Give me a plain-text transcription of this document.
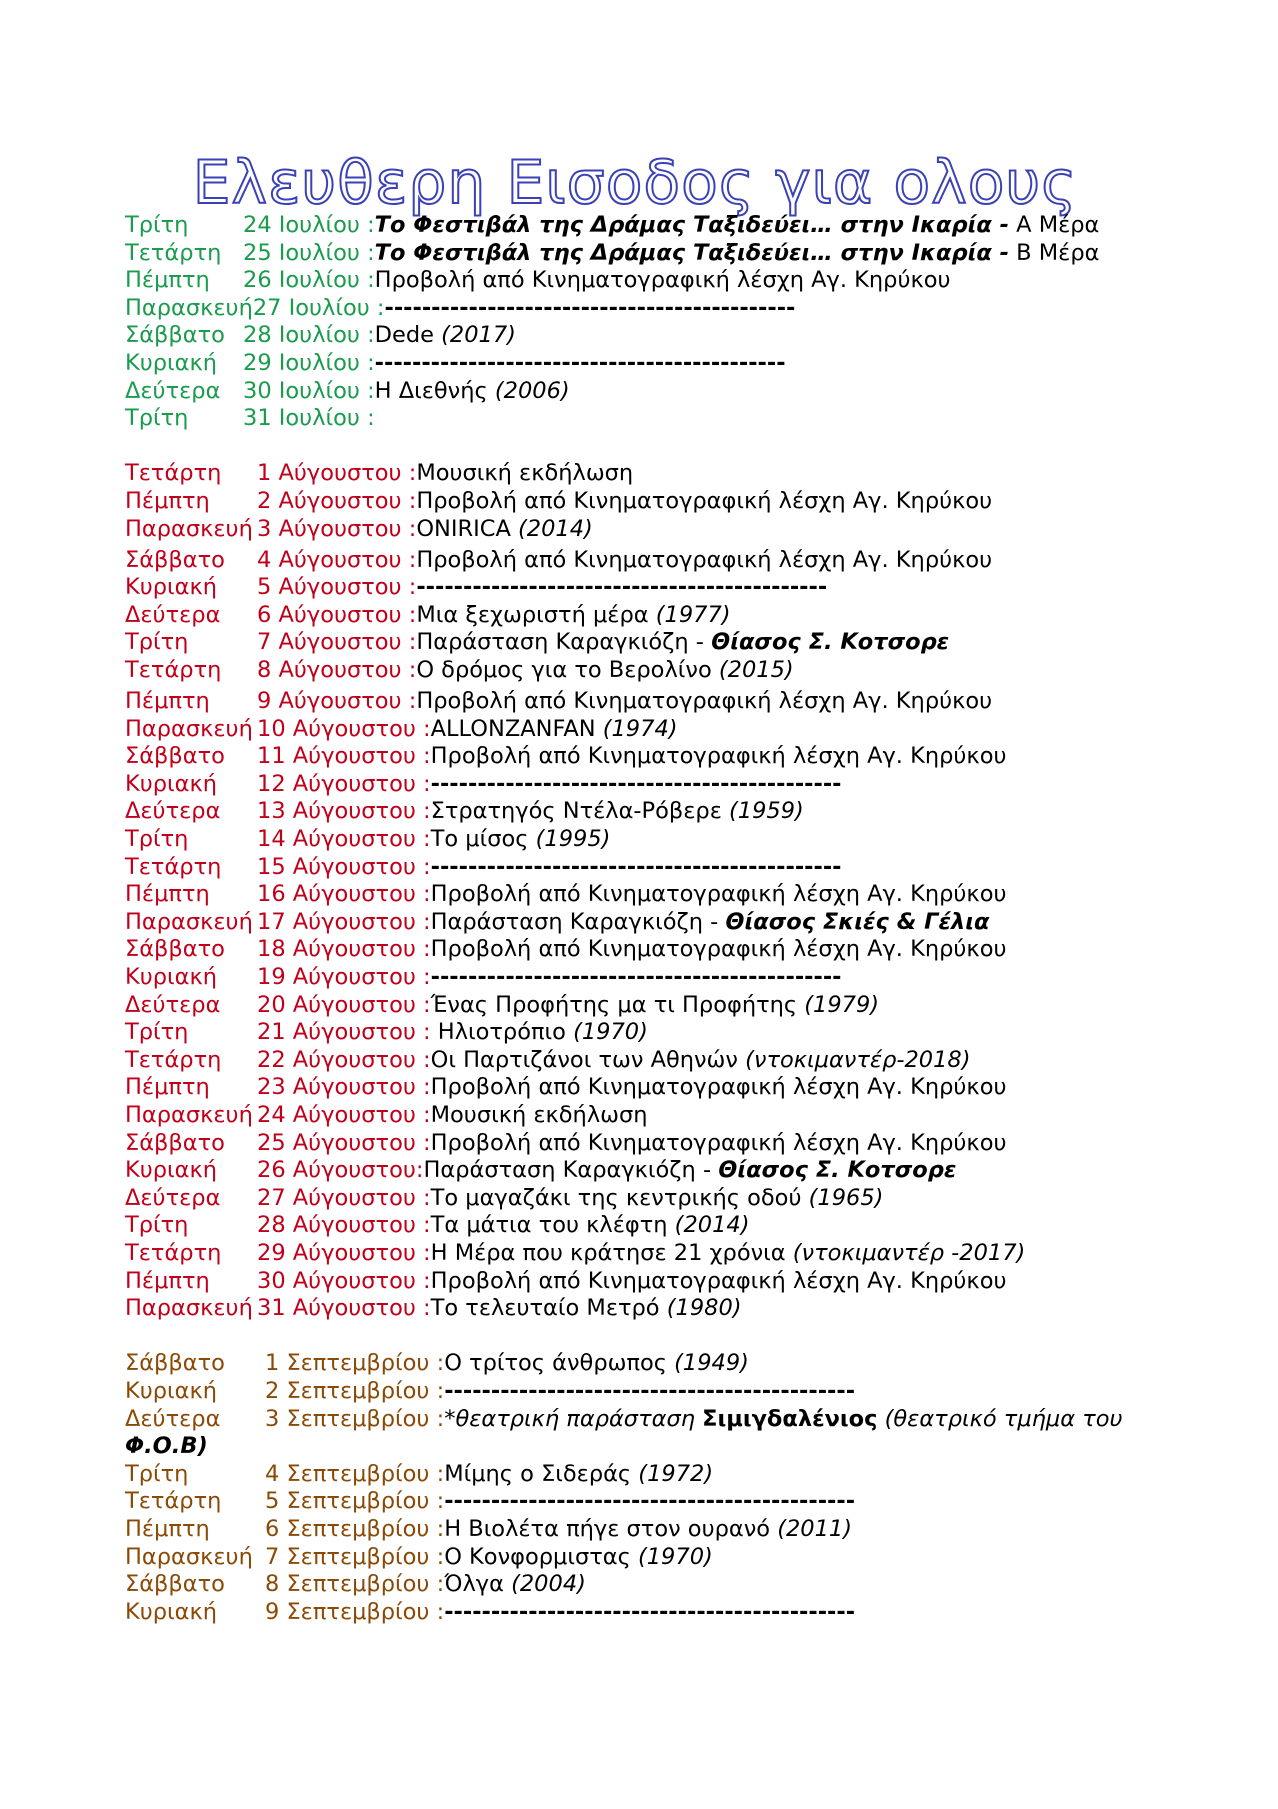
Ελευθερη Εισοδος για ολους
Τρίτη 24 Ιουλίου :Το Φεστιβάλ της Δράμας Ταξιδεύει… στην Ικαρία - Α Μέρα
Τετάρτη 25 Ιουλίου :Το Φεστιβάλ της Δράμας Ταξιδεύει… στην Ικαρία - Β Μέρα
Πέμπτη 26 Ιουλίου :Προβολή από Κινηματογραφική λέσχη Αγ. Κηρύκου
Παρασκευή27 Ιουλίου :--------------------------------------------
Σάββατο 28 Ιουλίου :Dede (2017)
Κυριακή 29 Ιουλίου :--------------------------------------------
Δεύτερα 30 Ιουλίου :Η Διεθνής (2006)
Τρίτη 31 Ιουλίου :
Τετάρτη 1 Αύγουστου :Μουσική εκδήλωση
Πέμπτη 2 Αύγουστου :Προβολή από Κινηματογραφική λέσχη Αγ. Κηρύκου
Παρασκευή 3 Αύγουστου :ONIRICA (2014)
Σάββατο 4 Αύγουστου :Προβολή από Κινηματογραφική λέσχη Αγ. Κηρύκου
Κυριακή 5 Αύγουστου :--------------------------------------------
Δεύτερα 6 Αύγουστου :Μια ξεχωριστή μέρα (1977)
Τρίτη	7 Αύγουστου :Παράσταση Καραγκιόζη - Θίασος Σ. Κοτσορε
Τετάρτη 8 Αύγουστου :Ο δρόμος για το Βερολίνο (2015)
Πέμπτη 9 Αύγουστου :Προβολή από Κινηματογραφική λέσχη Αγ. Κηρύκου
Παρασκευή 10 Αύγουστου :ALLONZANFAN (1974)
Σάββατο 11 Αύγουστου :Προβολή από Κινηματογραφική λέσχη Αγ. Κηρύκου
Κυριακή 12 Αύγουστου :--------------------------------------------
Δεύτερα 13 Αύγουστου :Στρατηγός Ντέλα-Ρόβερε (1959)
Τρίτη	14 Αύγουστου :Το μίσος (1995)
Τετάρτη 15 Αύγουστου :--------------------------------------------
Πέμπτη 16 Αύγουστου :Προβολή από Κινηματογραφική λέσχη Αγ. Κηρύκου
Παρασκευή 17 Αύγουστου :Παράσταση Καραγκιόζη - Θίασος Σκιές & Γέλια
Σάββατο 18 Αύγουστου :Προβολή από Κινηματογραφική λέσχη Αγ. Κηρύκου
Κυριακή 19 Αύγουστου :--------------------------------------------
Δεύτερα 20 Αύγουστου :Ένας Προφήτης μα τι Προφήτης (1979)
Τρίτη	21 Αύγουστου : Ηλιοτρόπιο (1970)
Τετάρτη 22 Αύγουστου :Οι Παρτιζάνοι των Αθηνών (ντοκιμαντέρ-2018)
Πέμπτη 23 Αύγουστου :Προβολή από Κινηματογραφική λέσχη Αγ. Κηρύκου
Παρασκευή 24 Αύγουστου :Μουσική εκδήλωση
Σάββατο 25 Αύγουστου :Προβολή από Κινηματογραφική λέσχη Αγ. Κηρύκου
Κυριακή 26 Αύγουστου:Παράσταση Καραγκιόζη - Θίασος Σ. Κοτσορε
Δεύτερα 27 Αύγουστου :Το μαγαζάκι της κεντρικής οδού (1965)
Τρίτη	28 Αύγουστου :Τα μάτια του κλέφτη (2014)
Τετάρτη 29 Αύγουστου :Η Μέρα που κράτησε 21 χρόνια (ντοκιμαντέρ -2017)
Πέμπτη 30 Αύγουστου :Προβολή από Κινηματογραφική λέσχη Αγ. Κηρύκου
Παρασκευή 31 Αύγουστου :Το τελευταίο Μετρό (1980)
Σάββατο 1 Σεπτεμβρίου :Ο τρίτος άνθρωπος (1949)
Κυριακή 2 Σεπτεμβρίου :--------------------------------------------
Δεύτερα 3 Σεπτεμβρίου :*θεατρική παράσταση Σιμιγδαλένιος (θεατρικό τμήμα του Φ.Ο.Β)
Τρίτη	4 Σεπτεμβρίου :Μίμης ο Σιδεράς (1972)
Τετάρτη 5 Σεπτεμβρίου :--------------------------------------------
Πέμπτη 6 Σεπτεμβρίου :Η Βιολέτα πήγε στον ουρανό (2011)
Παρασκευή 7 Σεπτεμβρίου :Ο Κονφορμιστας (1970)
Σάββατο 8 Σεπτεμβρίου :Όλγα (2004)
Κυριακή 9 Σεπτεμβρίου :--------------------------------------------
